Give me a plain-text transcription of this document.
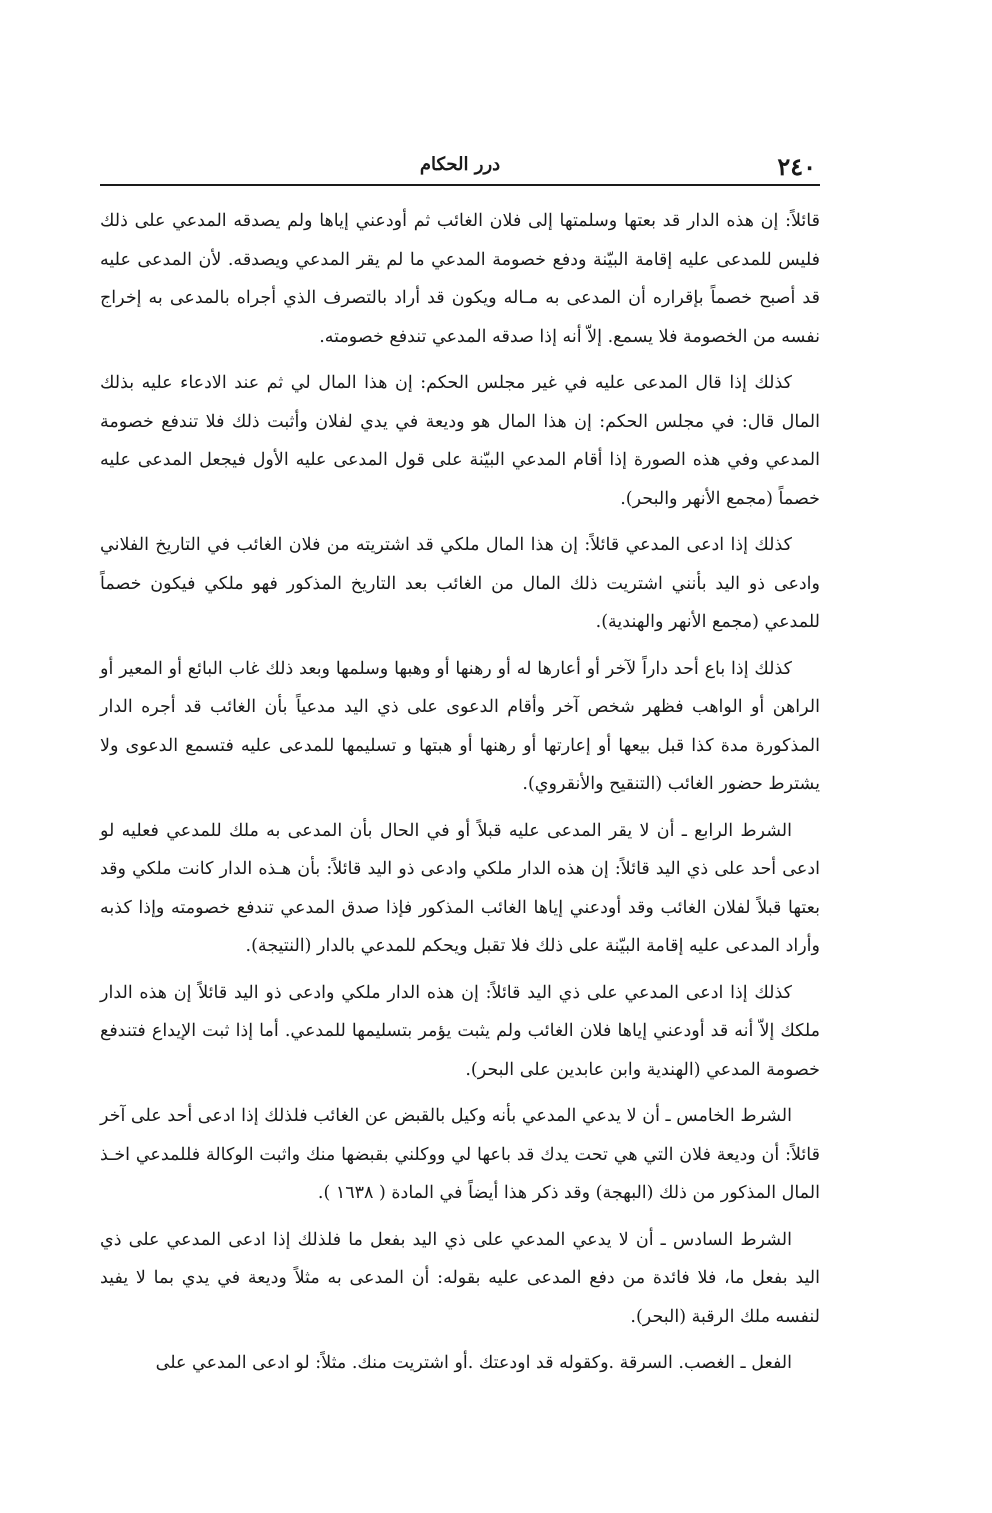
٢٤٠
درر الحكام

قائلاً: إن هذه الدار قد بعتها وسلمتها إلى فلان الغائب ثم أودعني إياها ولم يصدقه المدعي على ذلك فليس للمدعى عليه إقامة البيّنة ودفع خصومة المدعي ما لم يقر المدعي ويصدقه. لأن المدعى عليه قد أصبح خصماً بإقراره أن المدعى به مـاله ويكون قد أراد بالتصرف الذي أجراه بالمدعى به إخراج نفسه من الخصومة فلا يسمع. إلاّ أنه إذا صدقه المدعي تندفع خصومته.

كذلك إذا قال المدعى عليه في غير مجلس الحكم: إن هذا المال لي ثم عند الادعاء عليه بذلك المال قال: في مجلس الحكم: إن هذا المال هو وديعة في يدي لفلان وأثبت ذلك فلا تندفع خصومة المدعي وفي هذه الصورة إذا أقام المدعي البيّنة على قول المدعى عليه الأول فيجعل المدعى عليه خصماً (مجمع الأنهر والبحر).

كذلك إذا ادعى المدعي قائلاً: إن هذا المال ملكي قد اشتريته من فلان الغائب في التاريخ الفلاني وادعى ذو اليد بأنني اشتريت ذلك المال من الغائب بعد التاريخ المذكور فهو ملكي فيكون خصماً للمدعي (مجمع الأنهر والهندية).

كذلك إذا باع أحد داراً لآخر أو أعارها له أو رهنها أو وهبها وسلمها وبعد ذلك غاب البائع أو المعير أو الراهن أو الواهب فظهر شخص آخر وأقام الدعوى على ذي اليد مدعياً بأن الغائب قد أجره الدار المذكورة مدة كذا قبل بيعها أو إعارتها أو رهنها أو هبتها و تسليمها للمدعى عليه فتسمع الدعوى ولا يشترط حضور الغائب (التنقيح والأنقروي).

الشرط الرابع ـ أن لا يقر المدعى عليه قبلاً أو في الحال بأن المدعى به ملك للمدعي فعليه لو ادعى أحد على ذي اليد قائلاً: إن هذه الدار ملكي وادعى ذو اليد قائلاً: بأن هـذه الدار كانت ملكي وقد بعتها قبلاً لفلان الغائب وقد أودعني إياها الغائب المذكور فإذا صدق المدعي تندفع خصومته وإذا كذبه وأراد المدعى عليه إقامة البيّنة على ذلك فلا تقبل ويحكم للمدعي بالدار (النتيجة).

كذلك إذا ادعى المدعي على ذي اليد قائلاً: إن هذه الدار ملكي وادعى ذو اليد قائلاً إن هذه الدار ملكك إلاّ أنه قد أودعني إياها فلان الغائب ولم يثبت يؤمر بتسليمها للمدعي. أما إذا ثبت الإيداع فتندفع خصومة المدعي (الهندية وابن عابدين على البحر).

الشرط الخامس ـ أن لا يدعي المدعي بأنه وكيل بالقبض عن الغائب فلذلك إذا ادعى أحد على آخر قائلاً: أن وديعة فلان التي هي تحت يدك قد باعها لي ووكلني بقبضها منك واثبت الوكالة فللمدعي اخـذ المال المذكور من ذلك (البهجة) وقد ذكر هذا أيضاً في المادة ( ١٦٣٨ ).

الشرط السادس ـ أن لا يدعي المدعي على ذي اليد بفعل ما فلذلك إذا ادعى المدعي على ذي اليد بفعل ما، فلا فائدة من دفع المدعى عليه بقوله: أن المدعى به مثلاً وديعة في يدي بما لا يفيد لنفسه ملك الرقبة (البحر).

الفعل ـ الغصب. السرقة .وكقوله قد اودعتك .أو اشتريت منك. مثلاً: لو ادعى المدعي على
